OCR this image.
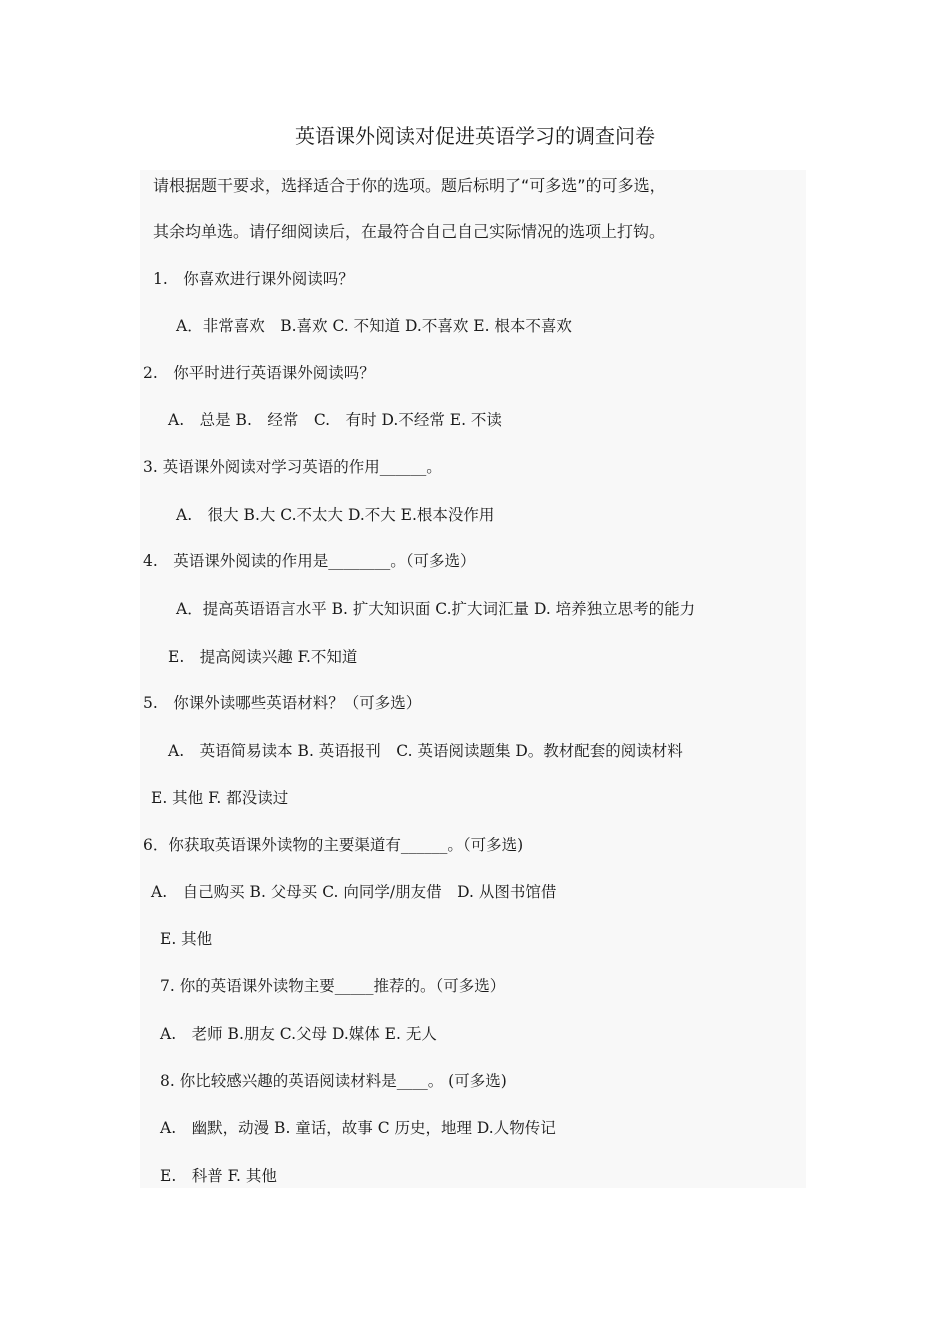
英语课外阅读对促进英语学习的调查问卷
请根据题干要求，选择适合于你的选项。题后标明了“可多选”的可多选，
其余均单选。请仔细阅读后，在最符合自己自己实际情况的选项上打钩。
1.　你喜欢进行课外阅读吗？
A．非常喜欢　B.喜欢 C. 不知道 D.不喜欢 E. 根本不喜欢
2.　你平时进行英语课外阅读吗？
A.　总是 B.　经常　C.　有时 D.不经常 E. 不读
3. 英语课外阅读对学习英语的作用______。
A.　很大 B.大 C.不太大 D.不大 E.根本没作用
4.　英语课外阅读的作用是________。（可多选）
A．提高英语语言水平 B. 扩大知识面 C.扩大词汇量 D. 培养独立思考的能力
E.　提高阅读兴趣 F.不知道
5.　你课外读哪些英语材料？（可多选）
A.　英语简易读本 B. 英语报刊　C. 英语阅读题集 D。教材配套的阅读材料
E. 其他 F. 都没读过
6．你获取英语课外读物的主要渠道有______。（可多选)
A.　自己购买 B. 父母买 C. 向同学/朋友借　D. 从图书馆借
E. 其他
7. 你的英语课外读物主要_____推荐的。（可多选）
A.　老师 B.朋友 C.父母 D.媒体 E. 无人
8. 你比较感兴趣的英语阅读材料是____。 (可多选)
A.　幽默，动漫 B. 童话，故事 C 历史，地理 D.人物传记
E.　科普 F. 其他
